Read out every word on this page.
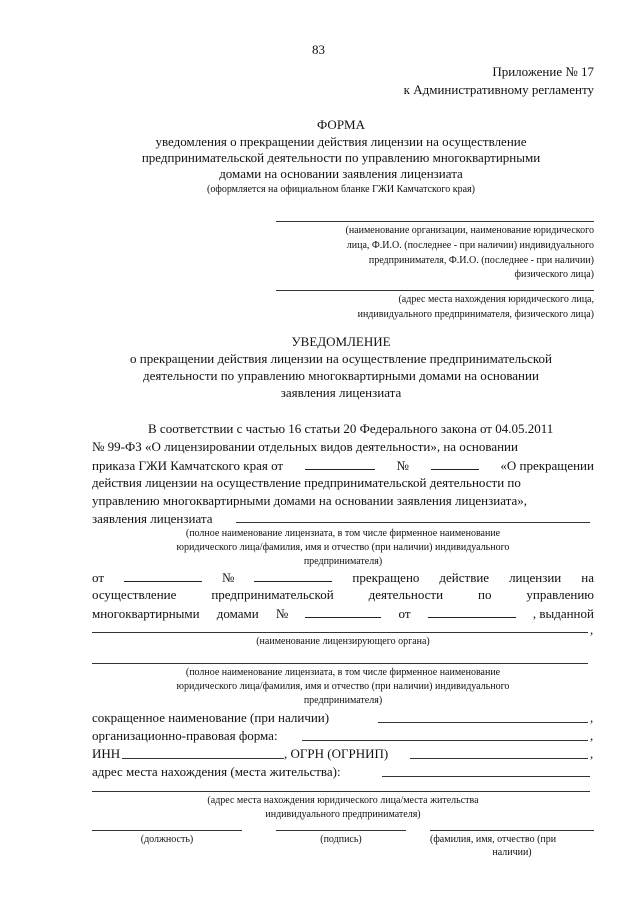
83
Приложение № 17
к Административному регламенту
ФОРМА
уведомления о прекращении действия лицензии на осуществление
предпринимательской деятельности по управлению многоквартирными
домами на основании заявления лицензиата
(оформляется на официальном бланке ГЖИ Камчатского края)
(наименование организации, наименование юридического
лица, Ф.И.О. (последнее - при наличии) индивидуального
предпринимателя, Ф.И.О. (последнее - при наличии)
физического лица)
(адрес места нахождения юридического лица,
индивидуального предпринимателя, физического лица)
УВЕДОМЛЕНИЕ
о прекращении действия лицензии на осуществление предпринимательской
деятельности по управлению многоквартирными домами на основании
заявления лицензиата
В соответствии с частью 16 статьи 20 Федерального закона от 04.05.2011
№ 99-ФЗ «О лицензировании отдельных видов деятельности», на основании
приказа ГЖИ Камчатского края от	№	«О прекращении
действия лицензии на осуществление предпринимательской деятельности по
управлению многоквартирными домами на основании заявления лицензиата»,
заявления лицензиата
(полное наименование лицензиата, в том числе фирменное наименование
юридического лица/фамилия, имя и отчество (при наличии) индивидуального
предпринимателя)
от	№	прекращено действие лицензии на
осуществление	предпринимательской	деятельности	по	управлению
многоквартирными домами №	от	, выданной
,
(наименование лицензирующего органа)
(полное наименование лицензиата, в том числе фирменное наименование
юридического лица/фамилия, имя и отчество (при наличии) индивидуального
предпринимателя)
сокращенное наименование (при наличии)	,
организационно-правовая форма:	,
ИНН	, ОГРН (ОГРНИП)	,
адрес места нахождения (места жительства):
(адрес места нахождения юридического лица/места жительства
индивидуального предпринимателя)
(должность)	(подпись)	(фамилия, имя, отчество (при
наличии)
